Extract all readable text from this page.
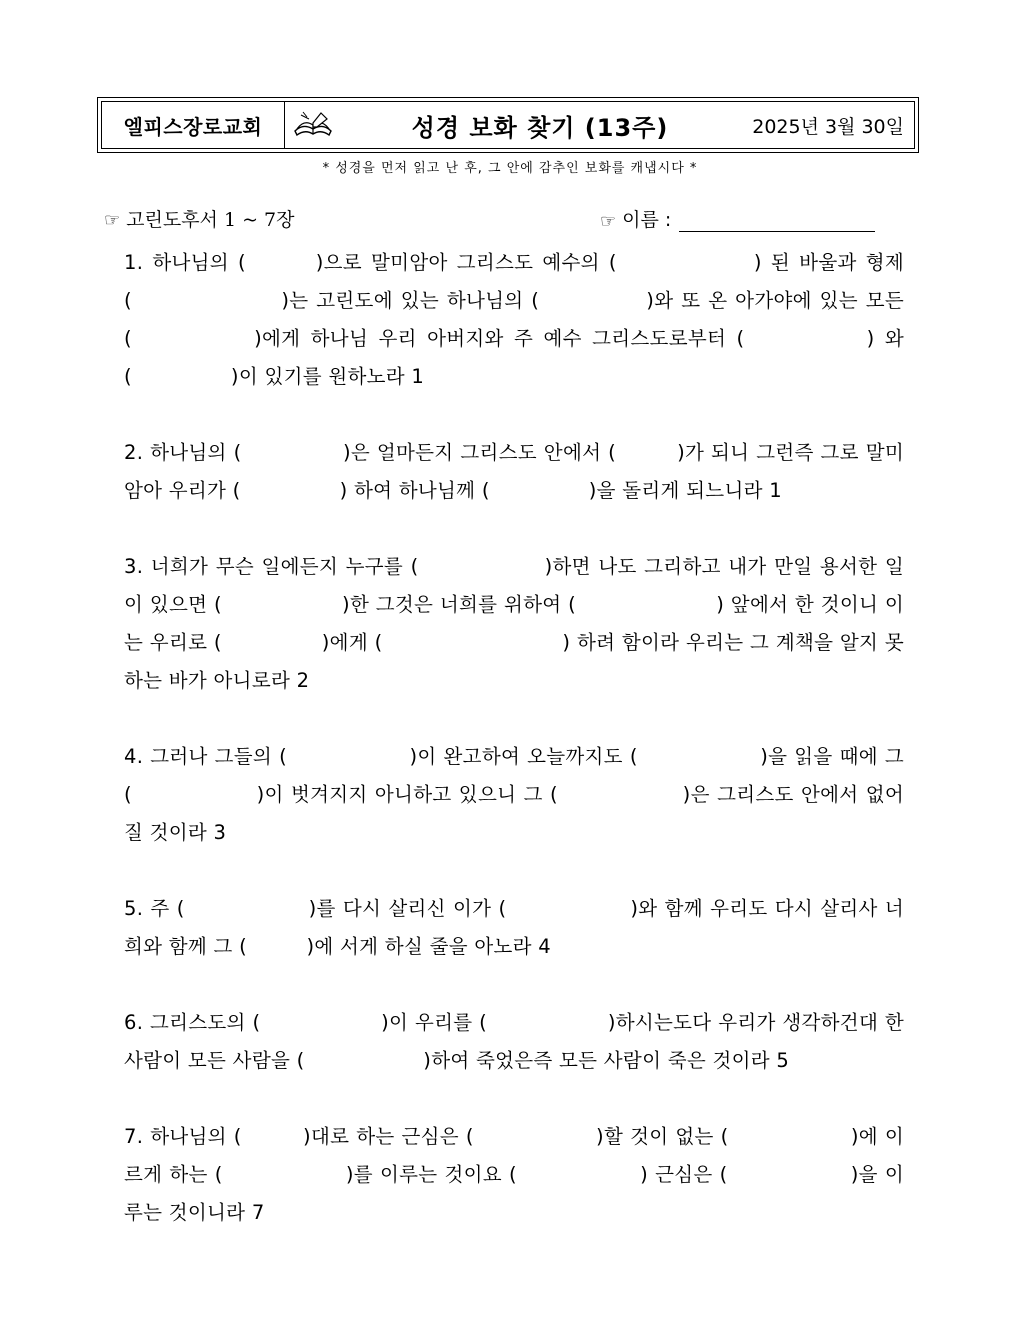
엘피스장로교회	성경 보화 찾기 (13주)	2025년 3월 30일
* 성경을 먼저 읽고 난 후, 그 안에 감추인 보화를 캐냅시다 *
☞ 고린도후서 1 ~ 7장	☞ 이름 :

1. 하나님의 (　　　)으로 말미암아 그리스도 예수의 (　　　　　　) 된 바울과 형제 (　　　　　　　)는 고린도에 있는 하나님의 (　　　　　)와 또 온 아가야에 있는 모든 (　　　　　)에게 하나님 우리 아버지와 주 예수 그리스도로부터 (　　　　　) 와 (　　　　　)이 있기를 원하노라 1

2. 하나님의 (　　　　　)은 얼마든지 그리스도 안에서 (　　　)가 되니 그런즉 그로 말미암아 우리가 (　　　　　) 하여 하나님께 (　　　　　)을 돌리게 되느니라 1

3. 너희가 무슨 일에든지 누구를 (　　　　　　)하면 나도 그리하고 내가 만일 용서한 일이 있으면 (　　　　　　)한 그것은 너희를 위하여 (　　　　　　　) 앞에서 한 것이니 이는 우리로 (　　　　　)에게 (　　　　　　　　　) 하려 함이라 우리는 그 계책을 알지 못하는 바가 아니로라 2

4. 그러나 그들의 (　　　　　　)이 완고하여 오늘까지도 (　　　　　　)을 읽을 때에 그 (　　　　　　)이 벗겨지지 아니하고 있으니 그 (　　　　　　)은 그리스도 안에서 없어질 것이라 3

5. 주 (　　　　　　)를 다시 살리신 이가 (　　　　　　)와 함께 우리도 다시 살리사 너희와 함께 그 (　　　)에 서게 하실 줄을 아노라 4

6. 그리스도의 (　　　　　　)이 우리를 (　　　　　　)하시는도다 우리가 생각하건대 한 사람이 모든 사람을 (　　　　　　)하여 죽었은즉 모든 사람이 죽은 것이라 5

7. 하나님의 (　　　)대로 하는 근심은 (　　　　　　)할 것이 없는 (　　　　　　)에 이르게 하는 (　　　　　　)를 이루는 것이요 (　　　　　　) 근심은 (　　　　　　)을 이루는 것이니라 7
